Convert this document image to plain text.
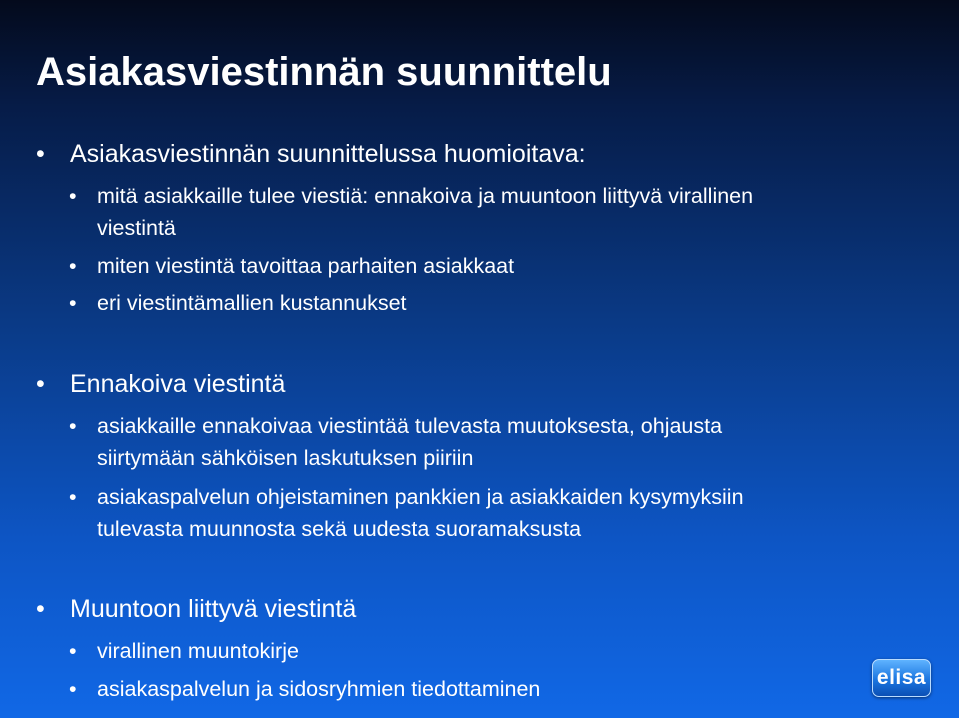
Asiakasviestinnän suunnittelu
• Asiakasviestinnän suunnittelussa huomioitava:
• mitä asiakkaille tulee viestiä: ennakoiva ja muuntoon liittyvä virallinen
viestintä
• miten viestintä tavoittaa parhaiten asiakkaat
• eri viestintämallien kustannukset
• Ennakoiva viestintä
• asiakkaille ennakoivaa viestintää tulevasta muutoksesta, ohjausta
siirtymään sähköisen laskutuksen piiriin
• asiakaspalvelun ohjeistaminen pankkien ja asiakkaiden kysymyksiin
tulevasta muunnosta sekä uudesta suoramaksusta
• Muuntoon liittyvä viestintä
• virallinen muuntokirje
• asiakaspalvelun ja sidosryhmien tiedottaminen	elisa
